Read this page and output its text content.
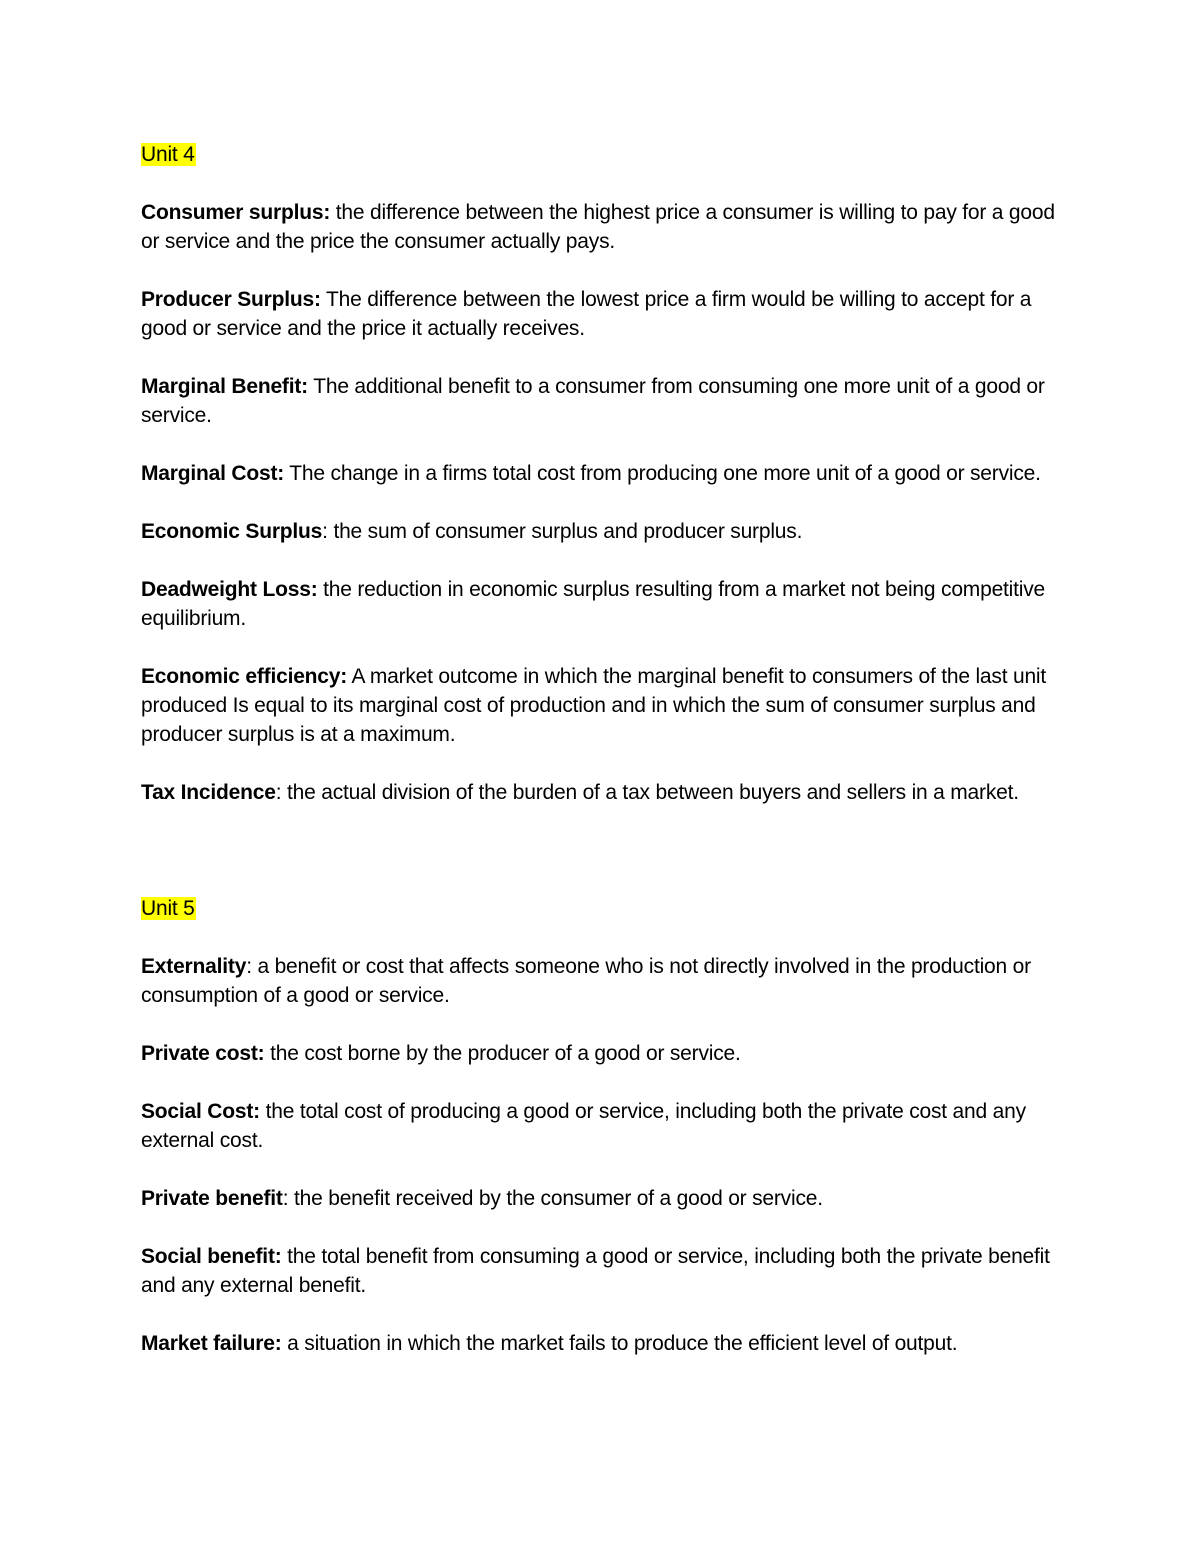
Unit 4

Consumer surplus: the difference between the highest price a consumer is willing to pay for a good or service and the price the consumer actually pays.

Producer Surplus: The difference between the lowest price a firm would be willing to accept for a good or service and the price it actually receives.

Marginal Benefit: The additional benefit to a consumer from consuming one more unit of a good or service.

Marginal Cost: The change in a firms total cost from producing one more unit of a good or service.

Economic Surplus: the sum of consumer surplus and producer surplus.

Deadweight Loss: the reduction in economic surplus resulting from a market not being competitive equilibrium.

Economic efficiency: A market outcome in which the marginal benefit to consumers of the last unit produced Is equal to its marginal cost of production and in which the sum of consumer surplus and producer surplus is at a maximum.

Tax Incidence: the actual division of the burden of a tax between buyers and sellers in a market.

Unit 5

Externality: a benefit or cost that affects someone who is not directly involved in the production or consumption of a good or service.

Private cost: the cost borne by the producer of a good or service.

Social Cost: the total cost of producing a good or service, including both the private cost and any external cost.

Private benefit: the benefit received by the consumer of a good or service.

Social benefit: the total benefit from consuming a good or service, including both the private benefit and any external benefit.

Market failure: a situation in which the market fails to produce the efficient level of output.
